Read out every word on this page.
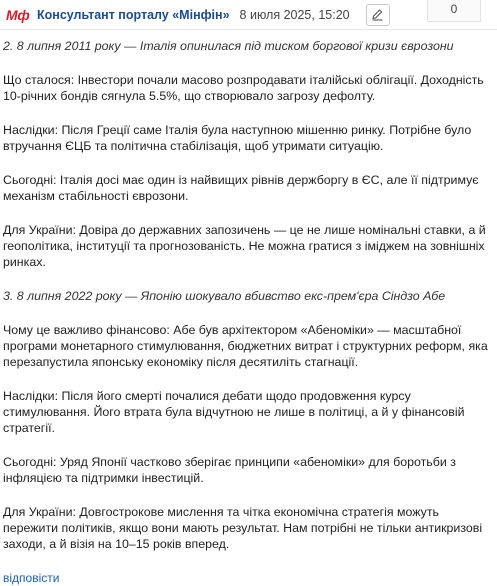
Мф Консультант порталу «Мінфін» 8 июля 2025, 15:20	0
2. 8 липня 2011 року — Італія опинилася під тиском боргової кризи єврозони

Що сталося: Інвестори почали масово розпродавати італійські облігації. Доходність 10-річних бондів сягнула 5.5%, що створювало загрозу дефолту.

Наслідки: Після Греції саме Італія була наступною мішенню ринку. Потрібне було втручання ЄЦБ та політична стабілізація, щоб утримати ситуацію.

Сьогодні: Італія досі має один із найвищих рівнів держборгу в ЄС, але її підтримує механізм стабільності єврозони.

Для України: Довіра до державних запозичень — це не лише номінальні ставки, а й геополітика, інституції та прогнозованість. Не можна гратися з іміджем на зовнішніх ринках.

3. 8 липня 2022 року — Японію шокувало вбивство екс-прем'єра Сіндзо Абе

Чому це важливо фінансово: Абе був архітектором «Абеноміки» — масштабної програми монетарного стимулювання, бюджетних витрат і структурних реформ, яка перезапустила японську економіку після десятиліть стагнації.

Наслідки: Після його смерті почалися дебати щодо продовження курсу стимулювання. Його втрата була відчутною не лише в політиці, а й у фінансовій стратегії.

Сьогодні: Уряд Японії частково зберігає принципи «абеноміки» для боротьби з інфляцією та підтримки інвестицій.

Для України: Довгострокове мислення та чітка економічна стратегія можуть пережити політиків, якщо вони мають результат. Нам потрібні не тільки антикризові заходи, а й візія на 10–15 років вперед.

відповісти
